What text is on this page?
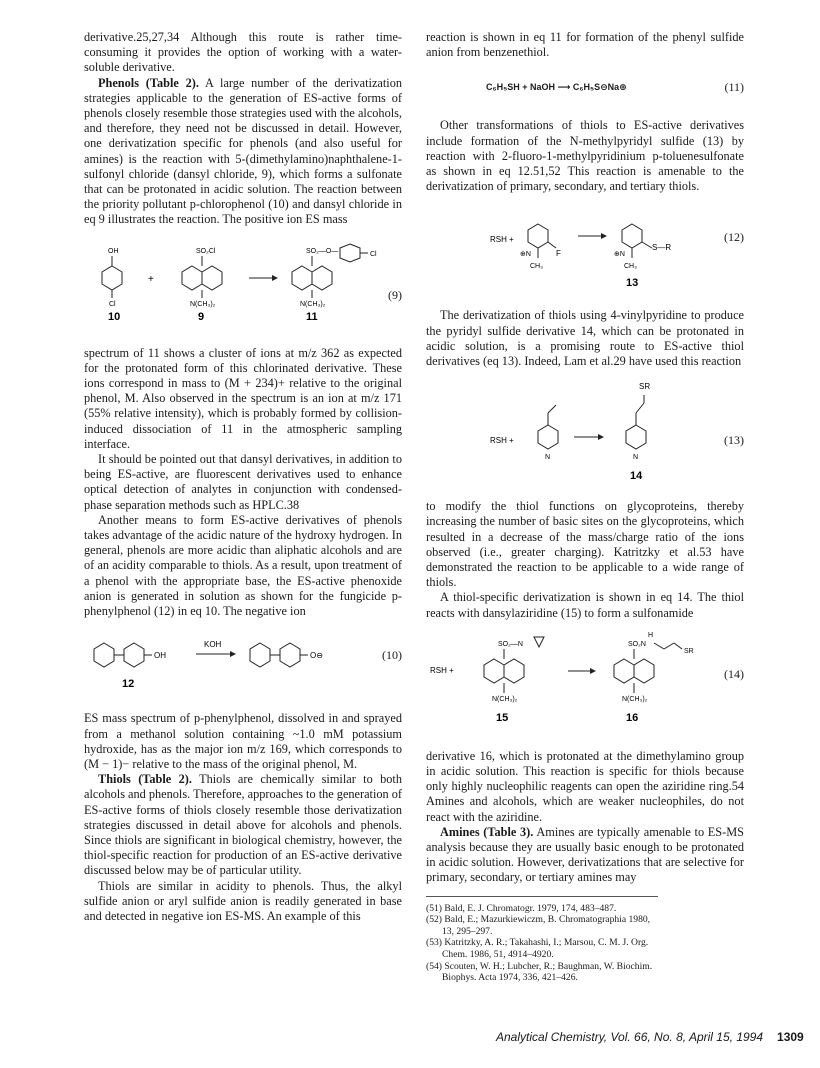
derivative.25,27,34 Although this route is rather time-consuming it provides the option of working with a water-soluble derivative.

Phenols (Table 2). A large number of the derivatization strategies applicable to the generation of ES-active forms of phenols closely resemble those strategies used with the alcohols, and therefore, they need not be discussed in detail. However, one derivatization specific for phenols (and also useful for amines) is the reaction with 5-(dimethylamino)naphthalene-1-sulfonyl chloride (dansyl chloride, 9), which forms a sulfonate that can be protonated in acidic solution. The reaction between the priority pollutant p-chlorophenol (10) and dansyl chloride in eq 9 illustrates the reaction. The positive ion ES mass

OH
Cl
10
+
SO₂Cl
N(CH₃)₂
9
SO₂—O—	Cl
N(CH₃)₂
11
(9)

spectrum of 11 shows a cluster of ions at m/z 362 as expected for the protonated form of this chlorinated derivative. These ions correspond in mass to (M + 234)+ relative to the original phenol, M. Also observed in the spectrum is an ion at m/z 171 (55% relative intensity), which is probably formed by collision-induced dissociation of 11 in the atmospheric sampling interface.

It should be pointed out that dansyl derivatives, in addition to being ES-active, are fluorescent derivatives used to enhance optical detection of analytes in conjunction with condensed-phase separation methods such as HPLC.38

Another means to form ES-active derivatives of phenols takes advantage of the acidic nature of the hydroxy hydrogen. In general, phenols are more acidic than aliphatic alcohols and are of an acidity comparable to thiols. As a result, upon treatment of a phenol with the appropriate base, the ES-active phenoxide anion is generated in solution as shown for the fungicide p-phenylphenol (12) in eq 10. The negative ion

OH
12
KOH
O⊖	(10)

ES mass spectrum of p-phenylphenol, dissolved in and sprayed from a methanol solution containing ~1.0 mM potassium hydroxide, has as the major ion m/z 169, which corresponds to (M − 1)− relative to the mass of the original phenol, M.

Thiols (Table 2). Thiols are chemically similar to both alcohols and phenols. Therefore, approaches to the generation of ES-active forms of thiols closely resemble those derivatization strategies discussed in detail above for alcohols and phenols. Since thiols are significant in biological chemistry, however, the thiol-specific reaction for production of an ES-active derivative discussed below may be of particular utility.

Thiols are similar in acidity to phenols. Thus, the alkyl sulfide anion or aryl sulfide anion is readily generated in base and detected in negative ion ES-MS. An example of this

reaction is shown in eq 11 for formation of the phenyl sulfide anion from benzenethiol.

C₆H₅SH + NaOH ⟶ C₆H₅S⊖Na⊕	(11)

Other transformations of thiols to ES-active derivatives include formation of the N-methylpyridyl sulfide (13) by reaction with 2-fluoro-1-methylpyridinium p-toluenesulfonate as shown in eq 12.51,52 This reaction is amenable to the derivatization of primary, secondary, and tertiary thiols.

RSH +
⊕N	F
CH₃
⊕N
S—R
CH₃
13
(12)

The derivatization of thiols using 4-vinylpyridine to produce the pyridyl sulfide derivative 14, which can be protonated in acidic solution, is a promising route to ES-active thiol derivatives (eq 13). Indeed, Lam et al.29 have used this reaction

RSH +
N	N
SR
14
(13)

to modify the thiol functions on glycoproteins, thereby increasing the number of basic sites on the glycoproteins, which resulted in a decrease of the mass/charge ratio of the ions observed (i.e., greater charging). Katritzky et al.53 have demonstrated the reaction to be applicable to a wide range of thiols.

A thiol-specific derivatization is shown in eq 14. The thiol reacts with dansylaziridine (15) to form a sulfonamide

RSH +
SO₂—N
N(CH₃)₂
15
SO₂N
H
SR
N(CH₃)₂
16
(14)

derivative 16, which is protonated at the dimethylamino group in acidic solution. This reaction is specific for thiols because only highly nucleophilic reagents can open the aziridine ring.54 Amines and alcohols, which are weaker nucleophiles, do not react with the aziridine.

Amines (Table 3). Amines are typically amenable to ES-MS analysis because they are usually basic enough to be protonated in acidic solution. However, derivatizations that are selective for primary, secondary, or tertiary amines may

(51) Bald, E. J. Chromatogr. 1979, 174, 483–487.
(52) Bald, E.; Mazurkiewiczm, B. Chromatographia 1980, 13, 295–297.
(53) Katritzky, A. R.; Takahashi, I.; Marsou, C. M. J. Org. Chem. 1986, 51, 4914–4920.
(54) Scouten, W. H.; Lubcher, R.; Baughman, W. Biochim. Biophys. Acta 1974, 336, 421–426.
Analytical Chemistry, Vol. 66, No. 8, April 15, 1994 1309
